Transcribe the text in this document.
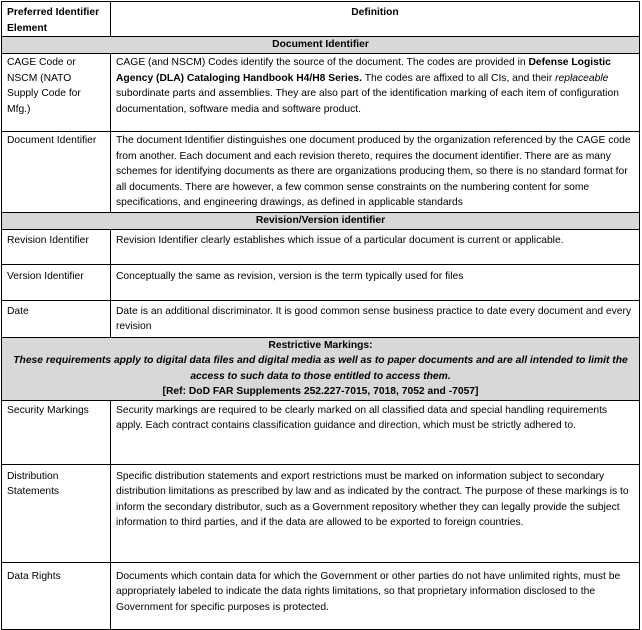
Preferred Identifier Element	Definition
Document Identifier	
CAGE Code or NSCM (NATO Supply Code for Mfg.)	CAGE (and NSCM) Codes identify the source of the document. The codes are provided in Defense Logistic Agency (DLA) Cataloging Handbook H4/H8 Series. The codes are affixed to all CIs, and their replaceable subordinate parts and assemblies. They are also part of the identification marking of each item of configuration documentation, software media and software product.
Document Identifier	The document Identifier distinguishes one document produced by the organization referenced by the CAGE code from another. Each document and each revision thereto, requires the document identifier. There are as many schemes for identifying documents as there are organizations producing them, so there is no standard format for all documents. There are however, a few common sense constraints on the numbering content for some specifications, and engineering drawings, as defined in applicable standards
Revision/Version identifier	
Revision Identifier	Revision Identifier clearly establishes which issue of a particular document is current or applicable.
Version Identifier	Conceptually the same as revision, version is the term typically used for files
Date	Date is an additional discriminator. It is good common sense business practice to date every document and every revision

Restrictive Markings:
These requirements apply to digital data files and digital media as well as to paper documents and are all intended to limit the access to such data to those entitled to access them.
[Ref: DoD FAR Supplements 252.227-7015, 7018, 7052 and -7057]	

Security Markings	Security markings are required to be clearly marked on all classified data and special handling requirements apply. Each contract contains classification guidance and direction, which must be strictly adhered to.
Distribution Statements	Specific distribution statements and export restrictions must be marked on information subject to secondary distribution limitations as prescribed by law and as indicated by the contract. The purpose of these markings is to inform the secondary distributor, such as a Government repository whether they can legally provide the subject information to third parties, and if the data are allowed to be exported to foreign countries.
Data Rights	Documents which contain data for which the Government or other parties do not have unlimited rights, must be appropriately labeled to indicate the data rights limitations, so that proprietary information disclosed to the Government for specific purposes is protected.
